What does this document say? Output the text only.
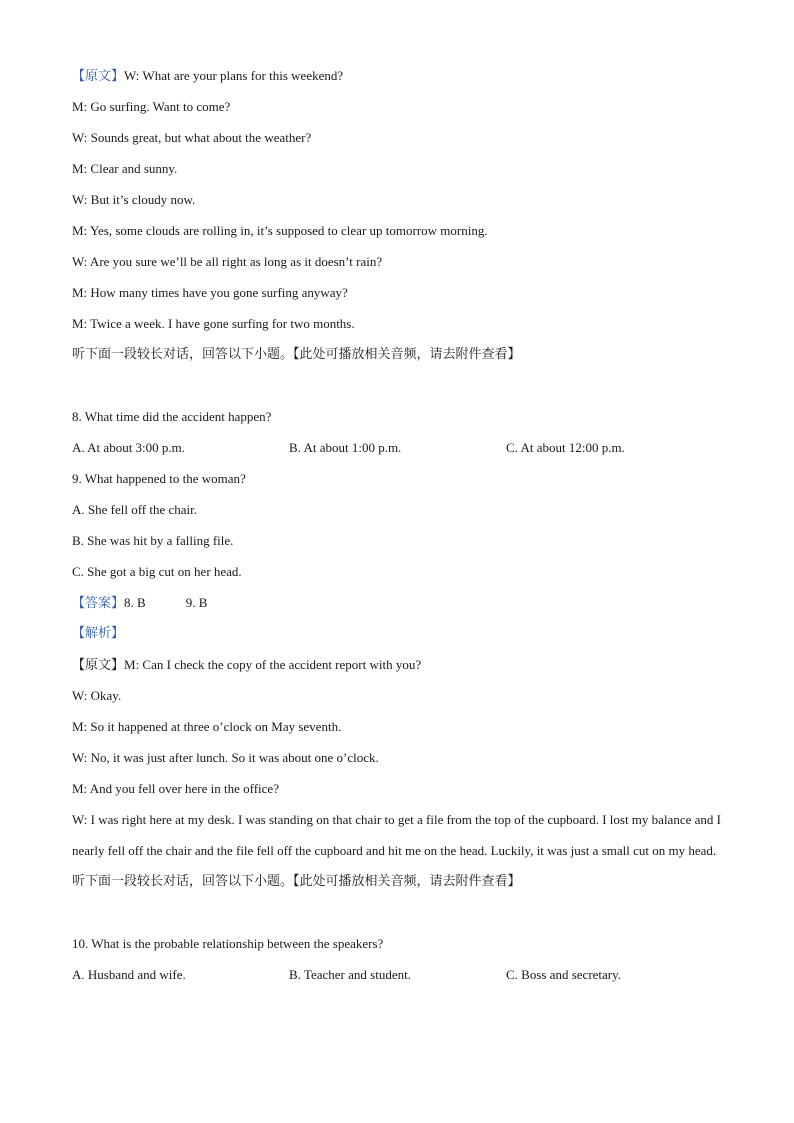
【原文】W: What are your plans for this weekend?
M: Go surfing. Want to come?
W: Sounds great, but what about the weather?
M: Clear and sunny.
W: But it’s cloudy now.
M: Yes, some clouds are rolling in, it’s supposed to clear up tomorrow morning.
W: Are you sure we’ll be all right as long as it doesn’t rain?
M: How many times have you gone surfing anyway?
M: Twice a week. I have gone surfing for two months.
听下面一段较长对话，回答以下小题。【此处可播放相关音频，请去附件查看】
8. What time did the accident happen?
A. At about 3:00 p.m.	B. At about 1:00 p.m.	C. At about 12:00 p.m.
9. What happened to the woman?
A. She fell off the chair.
B. She was hit by a falling file.
C. She got a big cut on her head.
【答案】8. B	9. B
【解析】
【原文】M: Can I check the copy of the accident report with you?
W: Okay.
M: So it happened at three o’clock on May seventh.
W: No, it was just after lunch. So it was about one o’clock.
M: And you fell over here in the office?
W: I was right here at my desk. I was standing on that chair to get a file from the top of the cupboard. I lost my balance and I nearly fell off the chair and the file fell off the cupboard and hit me on the head. Luckily, it was just a small cut on my head.
听下面一段较长对话，回答以下小题。【此处可播放相关音频，请去附件查看】
10. What is the probable relationship between the speakers?
A. Husband and wife.	B. Teacher and student.	C. Boss and secretary.
